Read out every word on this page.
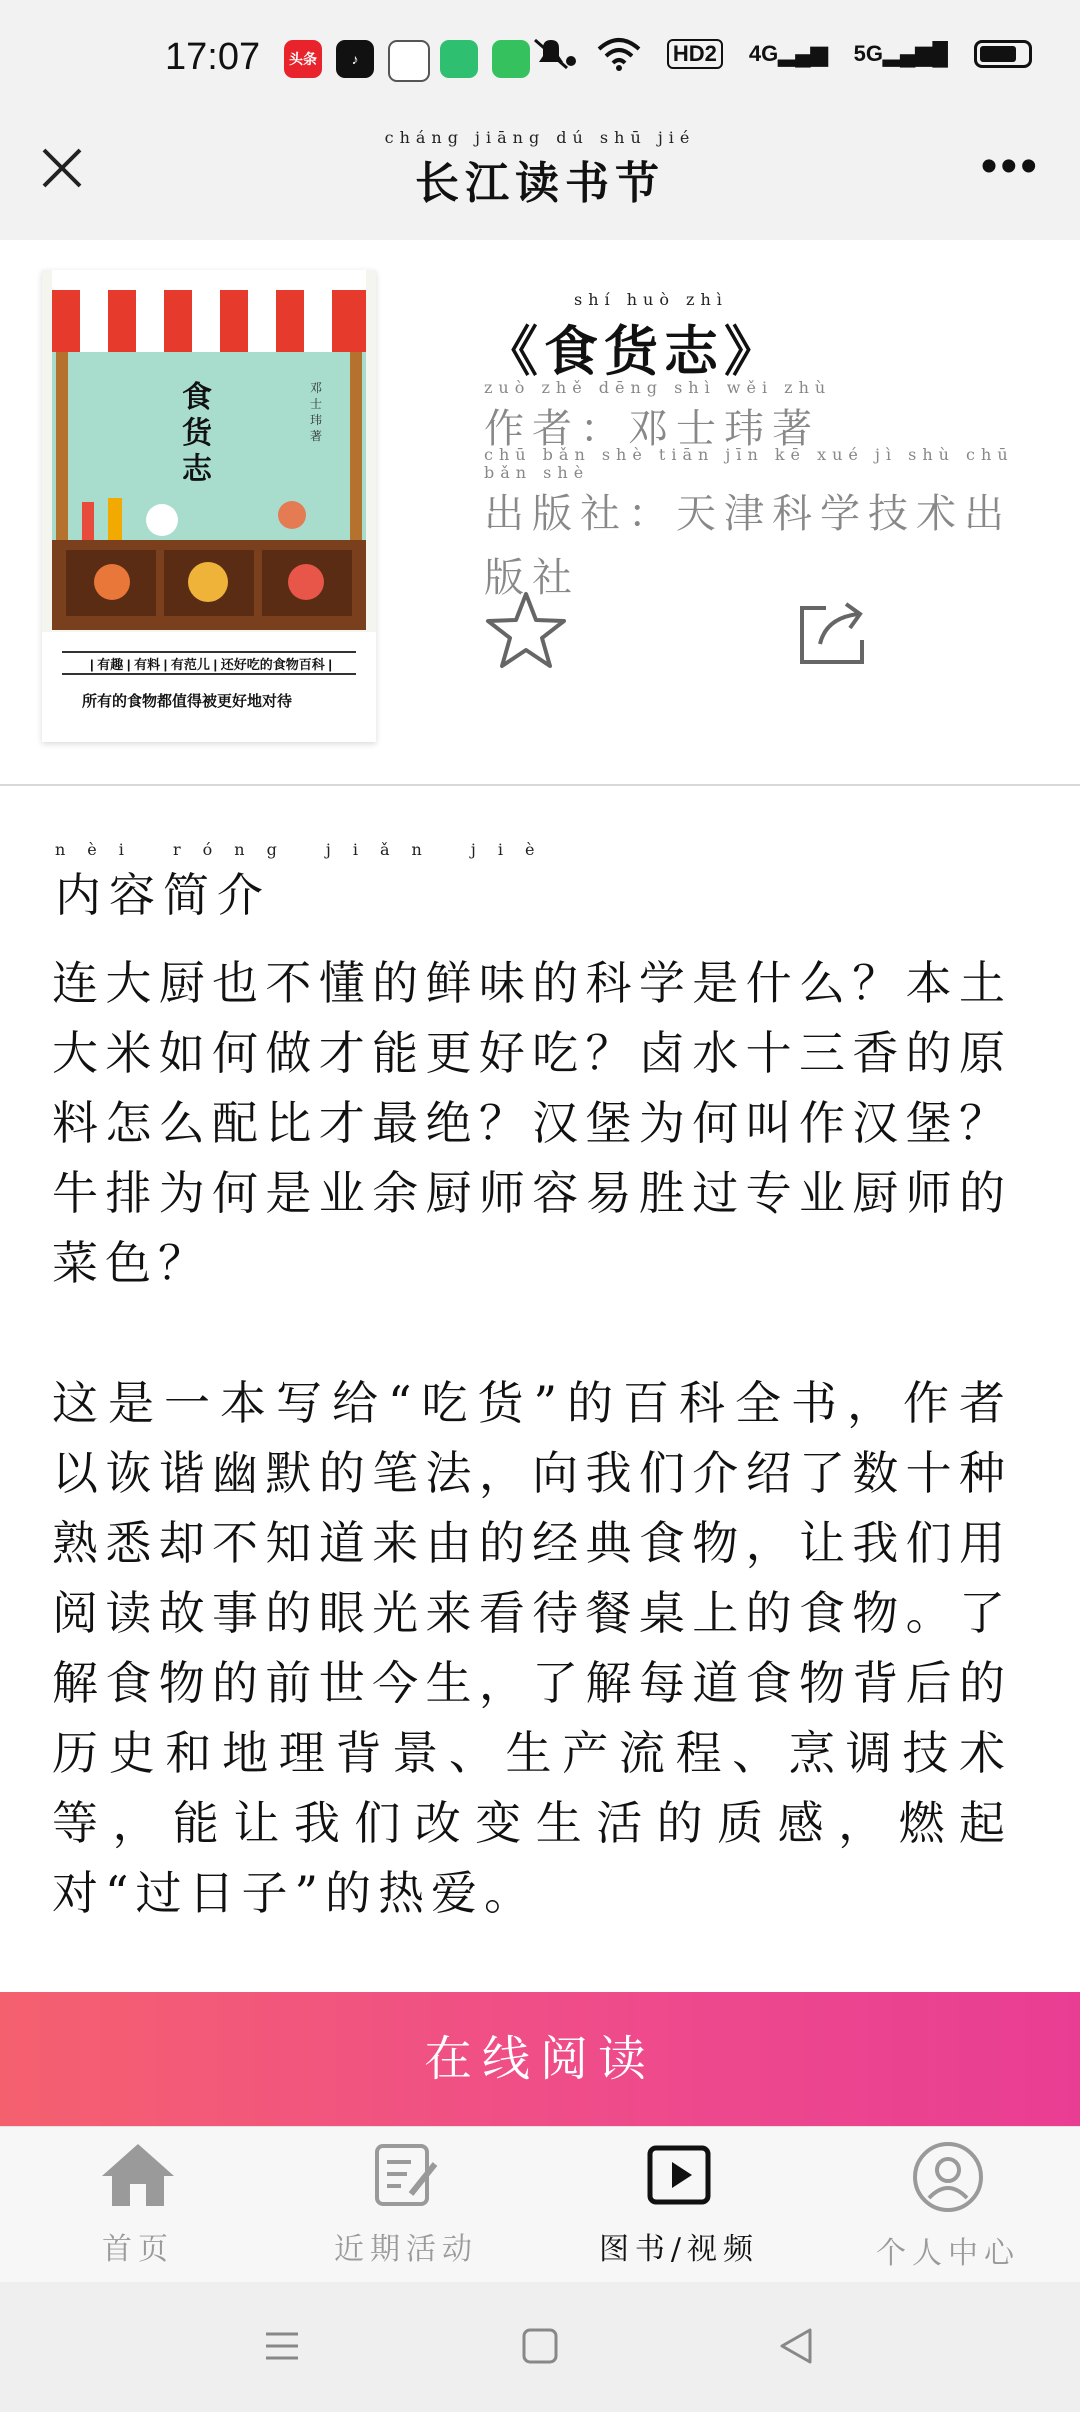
17:07	头条	♪	HD2 4G▂▄▆ 5G▂▄▆█
cháng jiāng dú shū jié
长江读书节	•••
食货志
邓士玮 著
| 有趣 | 有料 | 有范儿 | 还好吃的食物百科 |
所有的食物都值得被更好地对待
shí huò zhì
《食货志》
zuò zhě dēng shì wěi zhù
作者：邓士玮著
chū bǎn shè tiān jīn kē xué jì shù chū bǎn shè
出版社：天津科学技术出版社
nèi róng jiǎn jiè
内容简介
连大厨也不懂的鲜味的科学是什么？本土大米如何做才能更好吃？卤水十三香的原料怎么配比才最绝？汉堡为何叫作汉堡？牛排为何是业余厨师容易胜过专业厨师的菜色？
这是一本写给“吃货”的百科全书，作者以诙谐幽默的笔法，向我们介绍了数十种熟悉却不知道来由的经典食物，让我们用阅读故事的眼光来看待餐桌上的食物。了解食物的前世今生，了解每道食物背后的历史和地理背景、生产流程、烹调技术等，能让我们改变生活的质感，燃起对“过日子”的热爱。
在线阅读
首页	近期活动	图书/视频	个人中心
